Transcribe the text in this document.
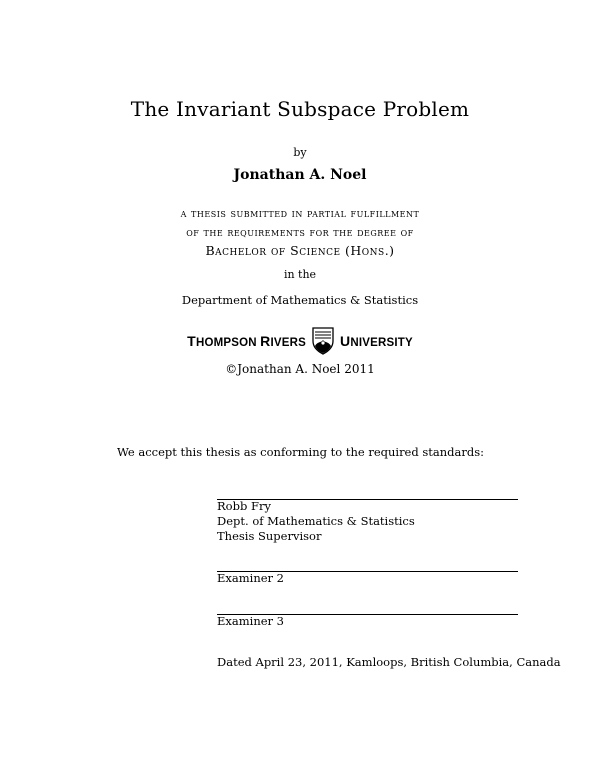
The Invariant Subspace Problem
by
Jonathan A. Noel
a thesis submitted in partial fulfillment
of the requirements for the degree of
Bachelor of Science (Hons.)
in the
Department of Mathematics & Statistics
THOMPSON RIVERS UNIVERSITY
©Jonathan A. Noel 2011
We accept this thesis as conforming to the required standards:
Robb Fry
Dept. of Mathematics & Statistics
Thesis Supervisor
Examiner 2
Examiner 3
Dated April 23, 2011, Kamloops, British Columbia, Canada
